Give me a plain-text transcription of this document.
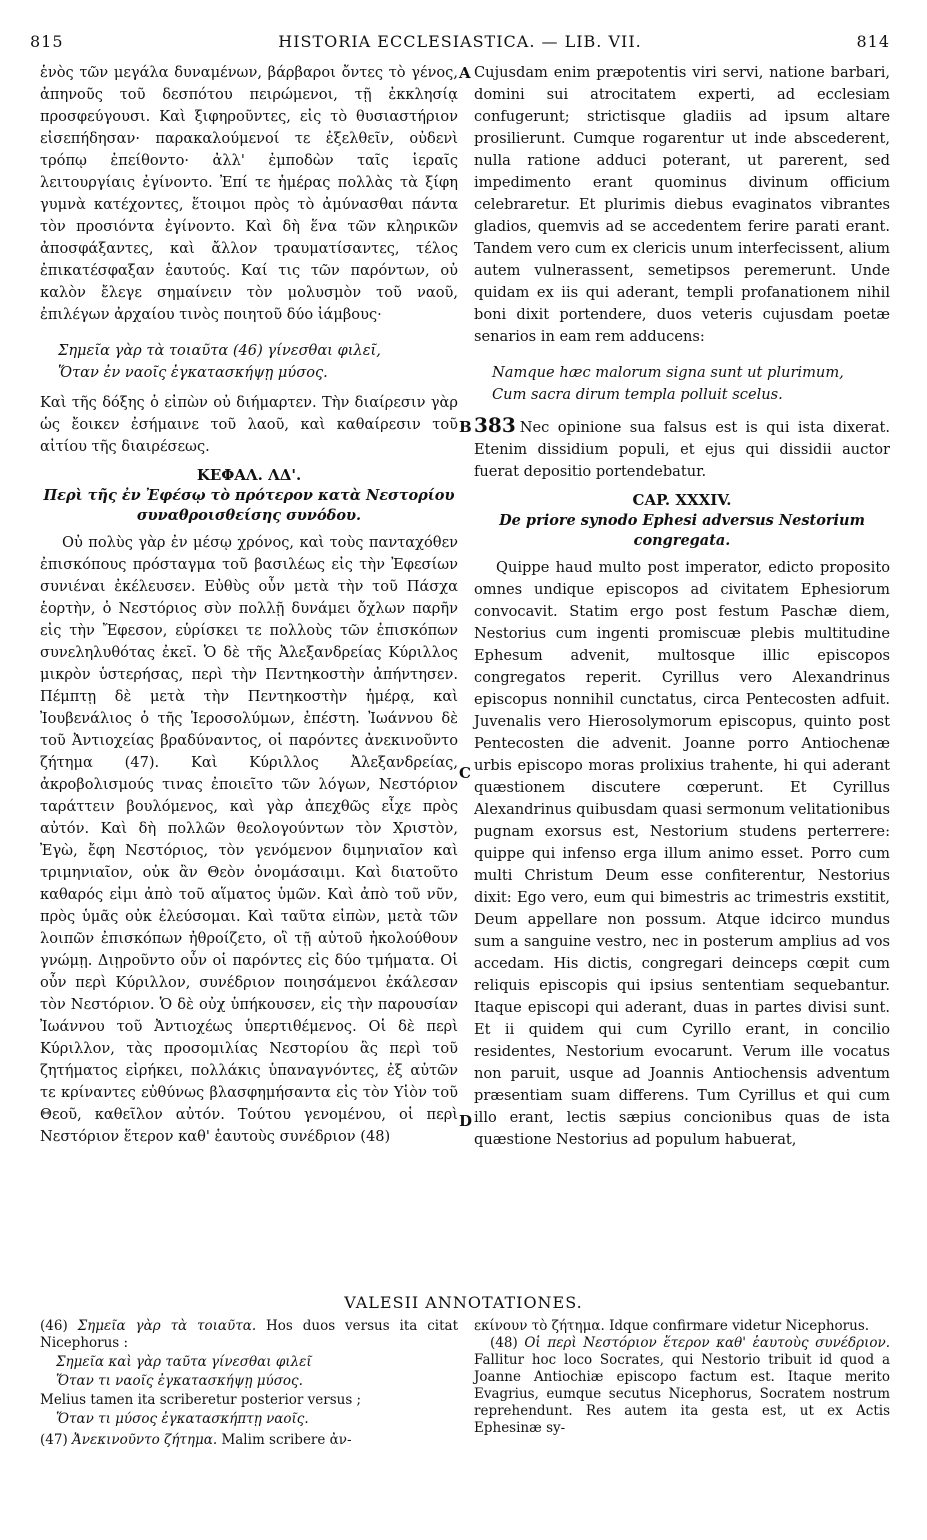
815	HISTORIA ECCLESIASTICA. — LIB. VII.	814
A
B
C
D

ἑνὸς τῶν μεγάλα δυναμένων, βάρβαροι ὄντες τὸ γένος, ἀπηνοῦς τοῦ δεσπότου πειρώμενοι, τῇ ἐκκλησίᾳ προσφεύγουσι. Καὶ ξιφηροῦντες, εἰς τὸ θυσιαστήριον εἰσεπήδησαν· παρακαλούμενοί τε ἐξελθεῖν, οὐδενὶ τρόπῳ ἐπείθοντο· ἀλλ' ἐμποδὼν ταῖς ἱεραῖς λειτουργίαις ἐγίνοντο. Ἐπί τε ἡμέρας πολλὰς τὰ ξίφη γυμνὰ κατέχοντες, ἕτοιμοι πρὸς τὸ ἀμύνασθαι πάντα τὸν προσιόντα ἐγίνοντο. Καὶ δὴ ἕνα τῶν κληρικῶν ἀποσφάξαντες, καὶ ἄλλον τραυματίσαντες, τέλος ἐπικατέσφαξαν ἑαυτούς. Καί τις τῶν παρόντων, οὐ καλὸν ἔλεγε σημαίνειν τὸν μολυσμὸν τοῦ ναοῦ, ἐπιλέγων ἀρχαίου τινὸς ποιητοῦ δύο ἰάμβους·

Σημεῖα γὰρ τὰ τοιαῦτα (46) γίνεσθαι φιλεῖ,

Ὅταν ἐν ναοῖς ἐγκατασκήψῃ μύσος.

Καὶ τῆς δόξης ὁ εἰπὼν οὐ διήμαρτεν. Τὴν διαίρεσιν γὰρ ὡς ἔοικεν ἐσήμαινε τοῦ λαοῦ, καὶ καθαίρεσιν τοῦ αἰτίου τῆς διαιρέσεως.

ΚΕΦΑΛ. ΛΔ'.

Περὶ τῆς ἐν Ἐφέσῳ τὸ πρότερον κατὰ Νεστορίου συναθροισθείσης συνόδου.

Οὐ πολὺς γὰρ ἐν μέσῳ χρόνος, καὶ τοὺς πανταχόθεν ἐπισκόπους πρόσταγμα τοῦ βασιλέως εἰς τὴν Ἐφεσίων συνιέναι ἐκέλευσεν. Εὐθὺς οὖν μετὰ τὴν τοῦ Πάσχα ἑορτὴν, ὁ Νεστόριος σὺν πολλῇ δυνάμει ὄχλων παρῆν εἰς τὴν Ἔφεσον, εὑρίσκει τε πολλοὺς τῶν ἐπισκόπων συνεληλυθότας ἐκεῖ. Ὁ δὲ τῆς Ἀλεξανδρείας Κύριλλος μικρὸν ὑστερήσας, περὶ τὴν Πεντηκοστὴν ἀπήντησεν. Πέμπτῃ δὲ μετὰ τὴν Πεντηκοστὴν ἡμέρᾳ, καὶ Ἰουβενάλιος ὁ τῆς Ἱεροσολύμων, ἐπέστη. Ἰωάννου δὲ τοῦ Ἀντιοχείας βραδύναντος, οἱ παρόντες ἀνεκινοῦντο ζήτημα (47). Καὶ Κύριλλος Ἀλεξανδρείας, ἀκροβολισμούς τινας ἐποιεῖτο τῶν λόγων, Νεστόριον ταράττειν βουλόμενος, καὶ γὰρ ἀπεχθῶς εἶχε πρὸς αὐτόν. Καὶ δὴ πολλῶν θεολογούντων τὸν Χριστὸν, Ἐγὼ, ἔφη Νεστόριος, τὸν γενόμενον διμηνιαῖον καὶ τριμηνιαῖον, οὐκ ἂν Θεὸν ὀνομάσαιμι. Καὶ διατοῦτο καθαρός εἰμι ἀπὸ τοῦ αἵματος ὑμῶν. Καὶ ἀπὸ τοῦ νῦν, πρὸς ὑμᾶς οὐκ ἐλεύσομαι. Καὶ ταῦτα εἰπὼν, μετὰ τῶν λοιπῶν ἐπισκόπων ἠθροίζετο, οἳ τῇ αὐτοῦ ἠκολούθουν γνώμῃ. Διῃροῦντο οὖν οἱ παρόντες εἰς δύο τμήματα. Οἱ οὖν περὶ Κύριλλον, συνέδριον ποιησάμενοι ἐκάλεσαν τὸν Νεστόριον. Ὁ δὲ οὐχ ὑπήκουσεν, εἰς τὴν παρουσίαν Ἰωάννου τοῦ Ἀντιοχέως ὑπερτιθέμενος. Οἱ δὲ περὶ Κύριλλον, τὰς προσομιλίας Νεστορίου ἃς περὶ τοῦ ζητήματος εἰρήκει, πολλάκις ὑπαναγνόντες, ἐξ αὐτῶν τε κρίναντες εὐθύνως βλασφημήσαντα εἰς τὸν Υἱὸν τοῦ Θεοῦ, καθεῖλον αὐτόν. Τούτου γενομένου, οἱ περὶ Νεστόριον ἕτερον καθ' ἑαυτοὺς συνέδριον (48)

Cujusdam enim præpotentis viri servi, natione barbari, domini sui atrocitatem experti, ad ecclesiam confugerunt; strictisque gladiis ad ipsum altare prosilierunt. Cumque rogarentur ut inde abscederent, nulla ratione adduci poterant, ut parerent, sed impedimento erant quominus divinum officium celebraretur. Et plurimis diebus evaginatos vibrantes gladios, quemvis ad se accedentem ferire parati erant. Tandem vero cum ex clericis unum interfecissent, alium autem vulnerassent, semetipsos peremerunt. Unde quidam ex iis qui aderant, templi profanationem nihil boni dixit portendere, duos veteris cujusdam poetæ senarios in eam rem adducens:

Namque hæc malorum signa sunt ut plurimum,

Cum sacra dirum templa polluit scelus.

383 Nec opinione sua falsus est is qui ista dixerat. Etenim dissidium populi, et ejus qui dissidii auctor fuerat depositio portendebatur.

CAP. XXXIV.

De priore synodo Ephesi adversus Nestorium congregata.

Quippe haud multo post imperator, edicto proposito omnes undique episcopos ad civitatem Ephesiorum convocavit. Statim ergo post festum Paschæ diem, Nestorius cum ingenti promiscuæ plebis multitudine Ephesum advenit, multosque illic episcopos congregatos reperit. Cyrillus vero Alexandrinus episcopus nonnihil cunctatus, circa Pentecosten adfuit. Juvenalis vero Hierosolymorum episcopus, quinto post Pentecosten die advenit. Joanne porro Antiochenæ urbis episcopo moras prolixius trahente, hi qui aderant quæstionem discutere cœperunt. Et Cyrillus Alexandrinus quibusdam quasi sermonum velitationibus pugnam exorsus est, Nestorium studens perterrere: quippe qui infenso erga illum animo esset. Porro cum multi Christum Deum esse confiterentur, Nestorius dixit: Ego vero, eum qui bimestris ac trimestris exstitit, Deum appellare non possum. Atque idcirco mundus sum a sanguine vestro, nec in posterum amplius ad vos accedam. His dictis, congregari deinceps cœpit cum reliquis episcopis qui ipsius sententiam sequebantur. Itaque episcopi qui aderant, duas in partes divisi sunt. Et ii quidem qui cum Cyrillo erant, in concilio residentes, Nestorium evocarunt. Verum ille vocatus non paruit, usque ad Joannis Antiochensis adventum præsentiam suam differens. Tum Cyrillus et qui cum illo erant, lectis sæpius concionibus quas de ista quæstione Nestorius ad populum habuerat,

VALESII ANNOTATIONES.

(46) Σημεῖα γὰρ τὰ τοιαῦτα. Hos duos versus ita citat Nicephorus :

Σημεῖα καὶ γὰρ ταῦτα γίνεσθαι φιλεῖ

Ὅταν τι ναοῖς ἐγκατασκήψῃ μύσος.

Melius tamen ita scriberetur posterior versus ;

Ὅταν τι μύσος ἐγκατασκήπτῃ ναοῖς.

(47) Ἀνεκινοῦντο ζήτημα. Malim scribere ἀν-

εκίνουν τὸ ζήτημα. Idque confirmare videtur Nicephorus.

(48) Οἱ περὶ Νεστόριον ἕτερον καθ' ἑαυτοὺς συνέδριον. Fallitur hoc loco Socrates, qui Nestorio tribuit id quod a Joanne Antiochiæ episcopo factum est. Itaque merito Evagrius, eumque secutus Nicephorus, Socratem nostrum reprehendunt. Res autem ita gesta est, ut ex Actis Ephesinæ sy-
